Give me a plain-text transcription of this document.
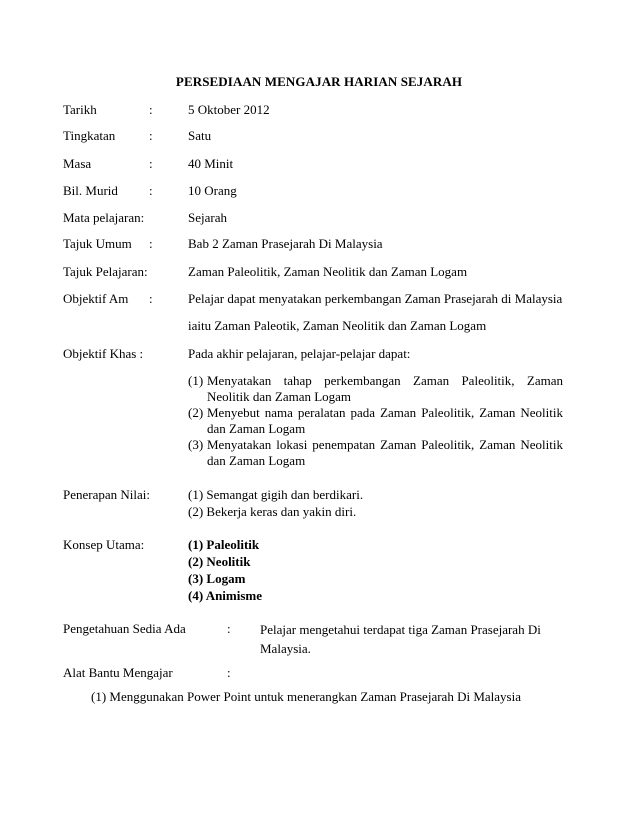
PERSEDIAAN MENGAJAR HARIAN SEJARAH
Tarikh	:	5 Oktober 2012
Tingkatan	:	Satu
Masa	:	40 Minit
Bil. Murid :	10 Orang
Mata pelajaran:	Sejarah
Tajuk Umum :	Bab 2 Zaman Prasejarah Di Malaysia
Tajuk Pelajaran:	Zaman Paleolitik, Zaman Neolitik dan Zaman Logam
Objektif Am :	Pelajar dapat menyatakan perkembangan Zaman Prasejarah di Malaysia
iaitu Zaman Paleotik, Zaman Neolitik dan Zaman Logam
Objektif Khas :	Pada akhir pelajaran, pelajar-pelajar dapat:
(1) Menyatakan tahap perkembangan Zaman Paleolitik, Zaman Neolitik dan Zaman Logam
(2) Menyebut nama peralatan pada Zaman Paleolitik, Zaman Neolitik dan Zaman Logam
(3) Menyatakan lokasi penempatan Zaman Paleolitik, Zaman Neolitik dan Zaman Logam
Penerapan Nilai:	(1) Semangat gigih dan berdikari.
(2) Bekerja keras dan yakin diri.
Konsep Utama:	(1) Paleolitik
(2) Neolitik
(3) Logam
(4) Animisme
Pengetahuan Sedia Ada	: Pelajar mengetahui terdapat tiga Zaman Prasejarah Di Malaysia.
Alat Bantu Mengajar	:
(1) Menggunakan Power Point untuk menerangkan Zaman Prasejarah Di Malaysia
